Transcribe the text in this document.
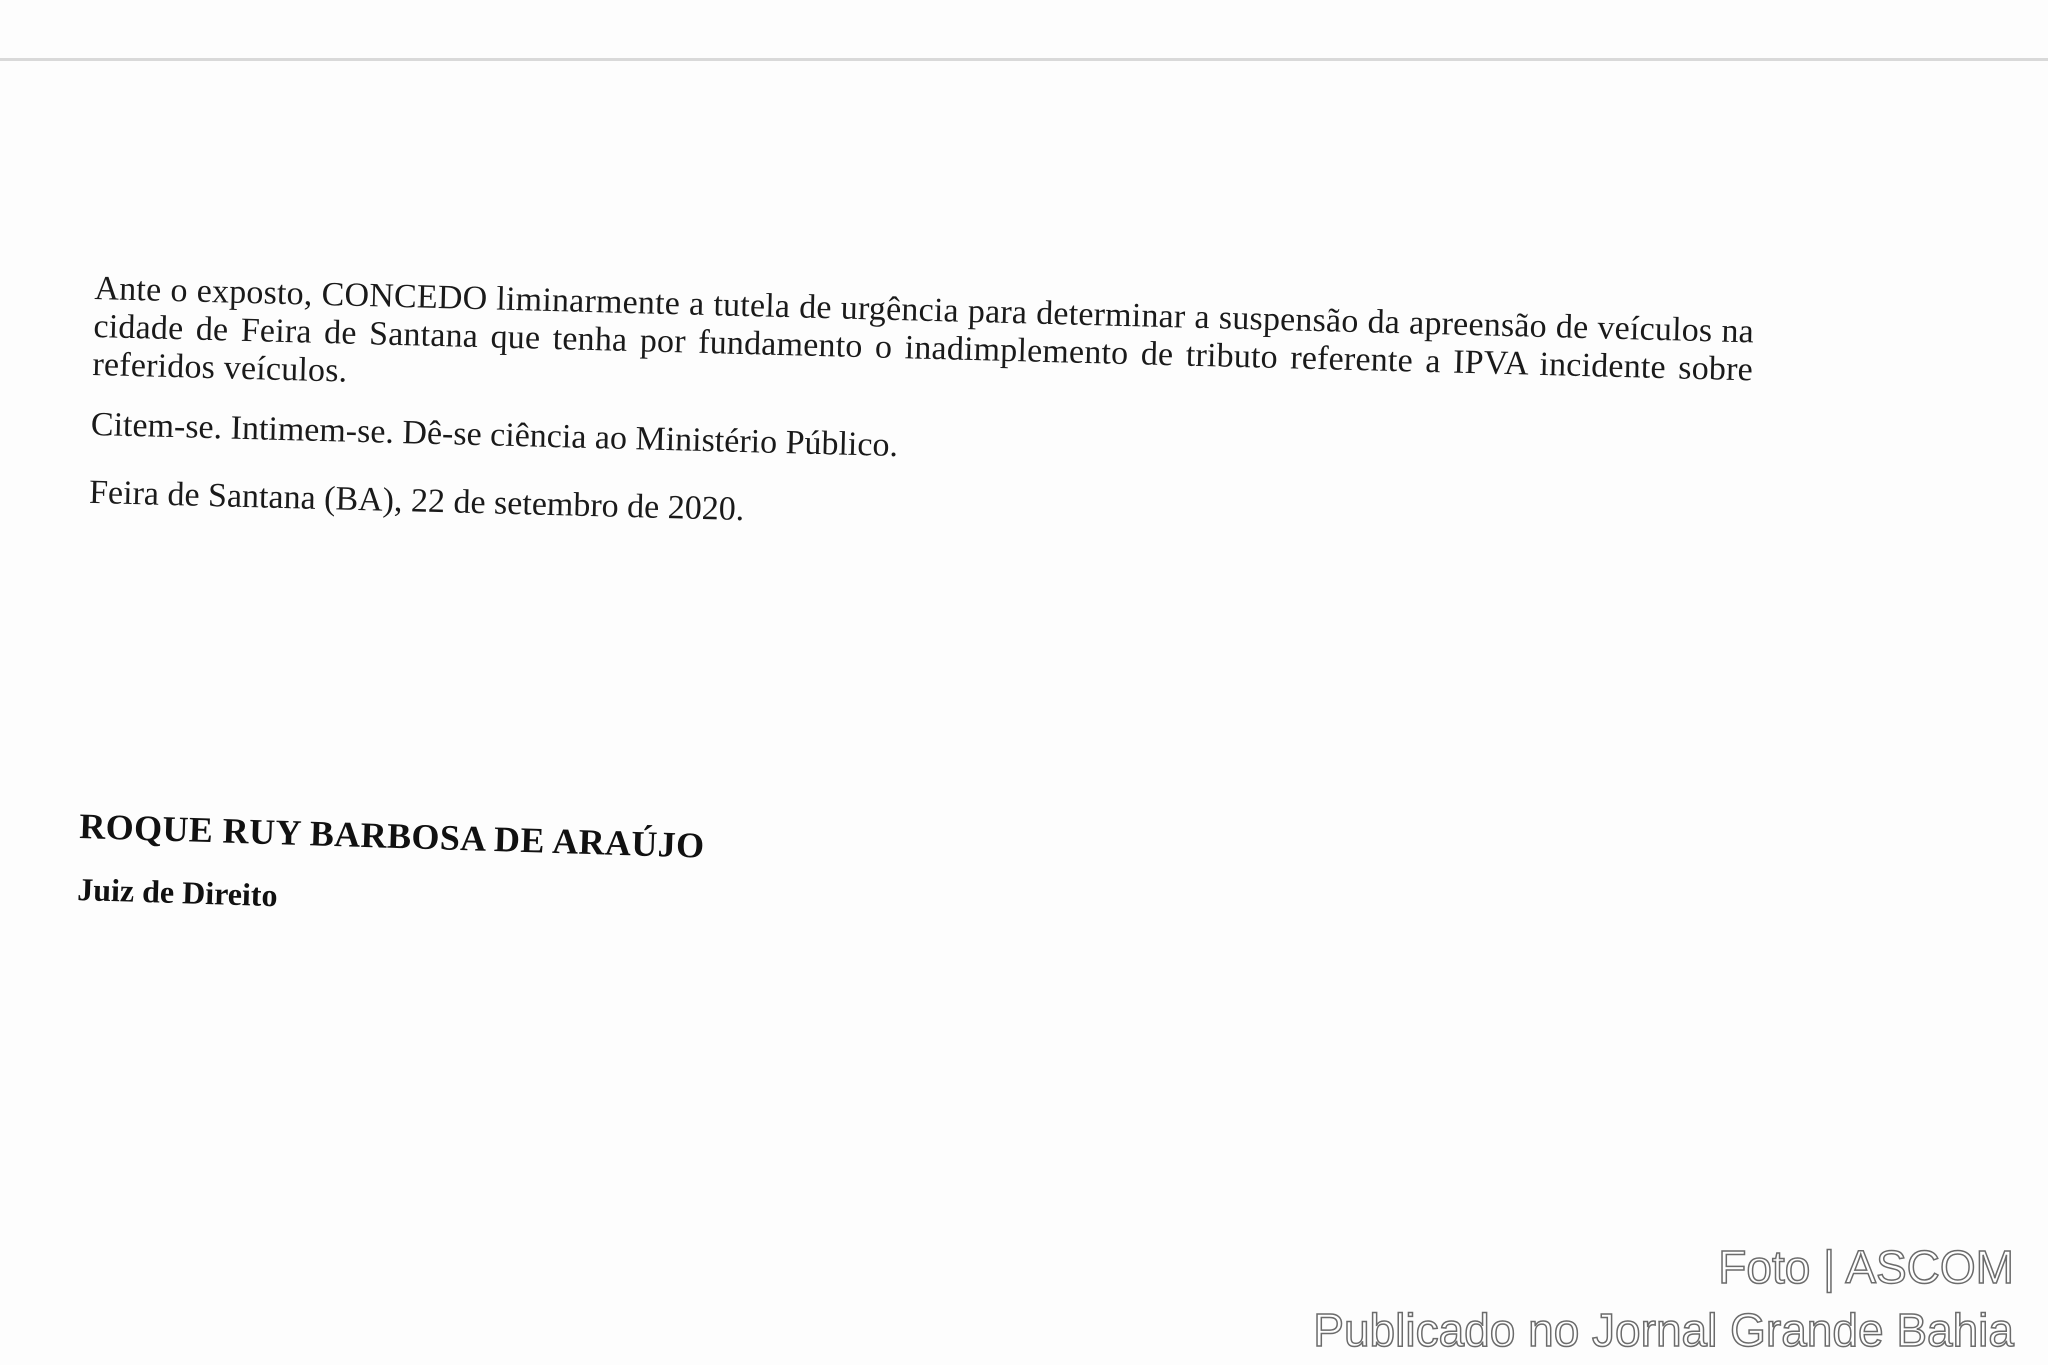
Ante o exposto, CONCEDO liminarmente a tutela de urgência para determinar a suspensão da apreensão de veículos na cidade de Feira de Santana que tenha por fundamento o inadimplemento de tributo referente a IPVA incidente sobre referidos veículos.

Citem-se. Intimem-se. Dê-se ciência ao Ministério Público.

Feira de Santana (BA), 22 de setembro de 2020.

ROQUE RUY BARBOSA DE ARAÚJO

Juiz de Direito

Foto | ASCOM
Publicado no Jornal Grande Bahia
